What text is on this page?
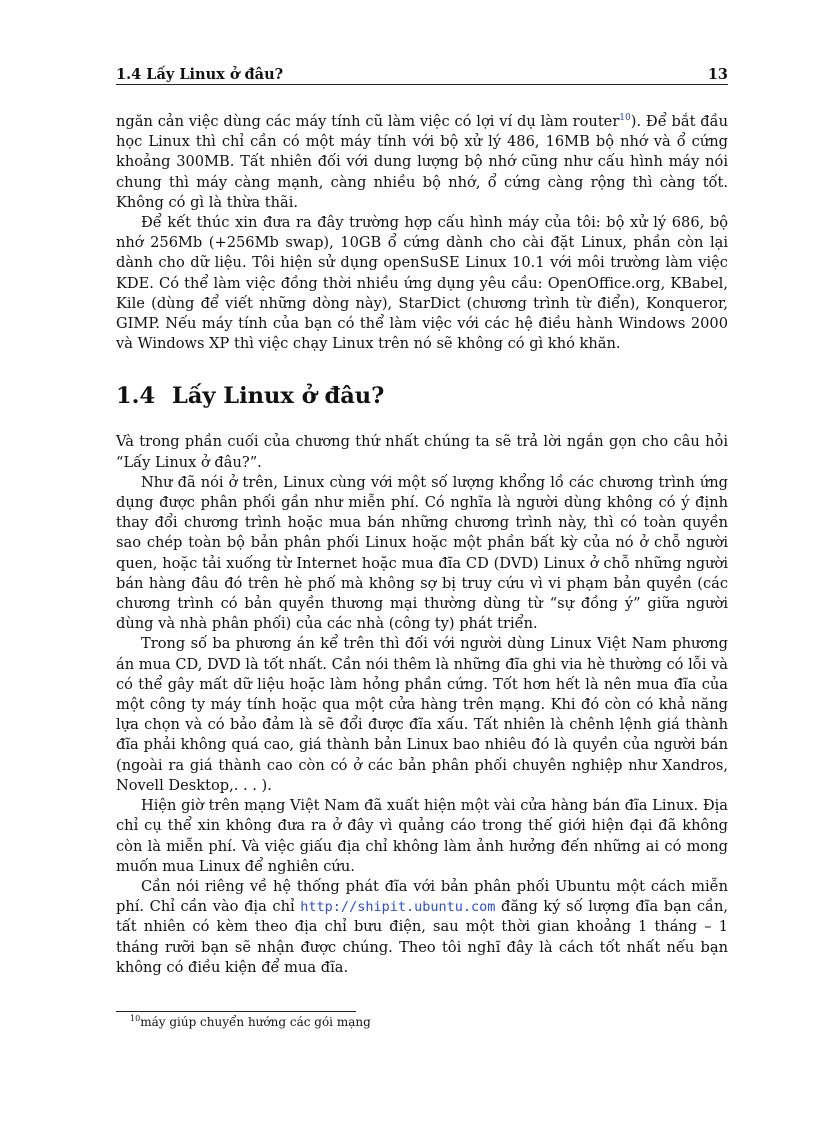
1.4 Lấy Linux ở đâu?	13

ngăn cản việc dùng các máy tính cũ làm việc có lợi ví dụ làm router$^{10}$). Để bắt đầu học Linux thì chỉ cần có một máy tính với bộ xử lý 486, 16MB bộ nhớ và ổ cứng khoảng 300MB. Tất nhiên đối với dung lượng bộ nhớ cũng như cấu hình máy nói chung thì máy càng mạnh, càng nhiều bộ nhớ, ổ cứng càng rộng thì càng tốt. Không có gì là thừa thãi.

Để kết thúc xin đưa ra đây trường hợp cấu hình máy của tôi: bộ xử lý 686, bộ nhớ 256Mb (+256Mb swap), 10GB ổ cứng dành cho cài đặt Linux, phần còn lại dành cho dữ liệu. Tôi hiện sử dụng openSuSE Linux 10.1 với môi trường làm việc KDE. Có thể làm việc đồng thời nhiều ứng dụng yêu cầu: OpenOffice.org, KBabel, Kile (dùng để viết những dòng này), StarDict (chương trình từ điển), Konqueror, GIMP. Nếu máy tính của bạn có thể làm việc với các hệ điều hành Windows 2000 và Windows XP thì việc chạy Linux trên nó sẽ không có gì khó khăn.

1.4 Lấy Linux ở đâu?

Và trong phần cuối của chương thứ nhất chúng ta sẽ trả lời ngắn gọn cho câu hỏi “Lấy Linux ở đâu?”.

Như đã nói ở trên, Linux cùng với một số lượng khổng lồ các chương trình ứng dụng được phân phối gần như miễn phí. Có nghĩa là người dùng không có ý định thay đổi chương trình hoặc mua bán những chương trình này, thì có toàn quyền sao chép toàn bộ bản phân phối Linux hoặc một phần bất kỳ của nó ở chỗ người quen, hoặc tải xuống từ Internet hoặc mua đĩa CD (DVD) Linux ở chỗ những người bán hàng đâu đó trên hè phố mà không sợ bị truy cứu vì vi phạm bản quyền (các chương trình có bản quyền thương mại thường dùng từ “sự đồng ý” giữa người dùng và nhà phân phối) của các nhà (công ty) phát triển.

Trong số ba phương án kể trên thì đối với người dùng Linux Việt Nam phương án mua CD, DVD là tốt nhất. Cần nói thêm là những đĩa ghi via hè thường có lỗi và có thể gây mất dữ liệu hoặc làm hỏng phần cứng. Tốt hơn hết là nên mua đĩa của một công ty máy tính hoặc qua một cửa hàng trên mạng. Khi đó còn có khả năng lựa chọn và có bảo đảm là sẽ đổi được đĩa xấu. Tất nhiên là chênh lệnh giá thành đĩa phải không quá cao, giá thành bản Linux bao nhiêu đó là quyền của người bán (ngoài ra giá thành cao còn có ở các bản phân phối chuyên nghiệp như Xandros, Novell Desktop,. . . ).

Hiện giờ trên mạng Việt Nam đã xuất hiện một vài cửa hàng bán đĩa Linux. Địa chỉ cụ thể xin không đưa ra ở đây vì quảng cáo trong thế giới hiện đại đã không còn là miễn phí. Và việc giấu địa chỉ không làm ảnh hưởng đến những ai có mong muốn mua Linux để nghiên cứu.

Cần nói riêng về hệ thống phát đĩa với bản phân phối Ubuntu một cách miễn phí. Chỉ cần vào địa chỉ http://shipit.ubuntu.com đăng ký số lượng đĩa bạn cần, tất nhiên có kèm theo địa chỉ bưu điện, sau một thời gian khoảng 1 tháng – 1 tháng rưỡi bạn sẽ nhận được chúng. Theo tôi nghĩ đây là cách tốt nhất nếu bạn không có điều kiện để mua đĩa.

$^{10}$máy giúp chuyển hướng các gói mạng
